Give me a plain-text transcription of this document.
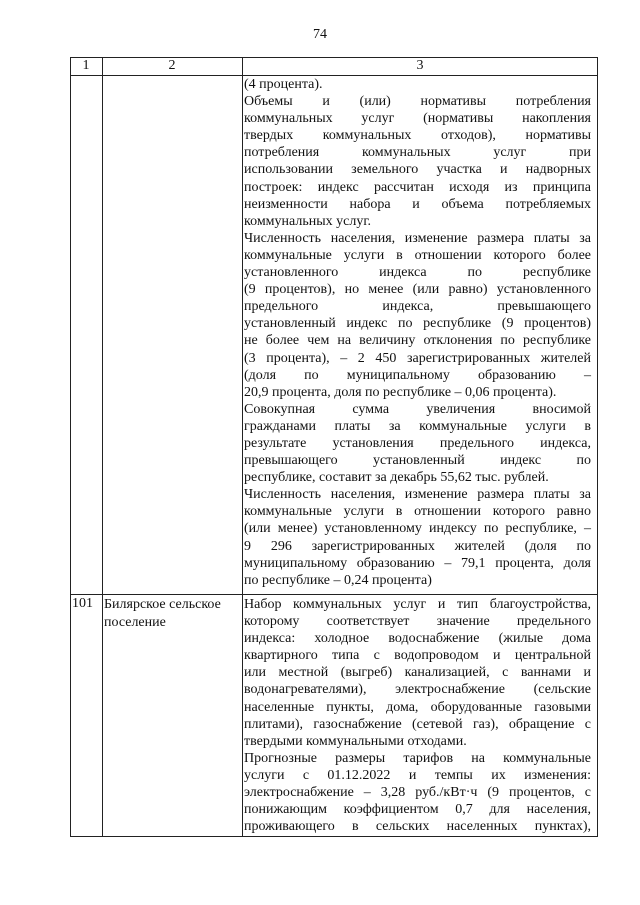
74
1	2	3
(4 процента).
Объемы и (или) нормативы потребления
коммунальных услуг (нормативы накопления
твердых коммунальных отходов), нормативы
потребления коммунальных услуг при
использовании земельного участка и надворных
построек: индекс рассчитан исходя из принципа
неизменности набора и объема потребляемых
коммунальных услуг.
Численность населения, изменение размера платы за
коммунальные услуги в отношении которого более
установленного индекса по республике
(9 процентов), но менее (или равно) установленного
предельного индекса, превышающего
установленный индекс по республике (9 процентов)
не более чем на величину отклонения по республике
(3 процента), – 2 450 зарегистрированных жителей
(доля по муниципальному образованию –
20,9 процента, доля по республике – 0,06 процента).
Совокупная сумма увеличения вносимой
гражданами платы за коммунальные услуги в
результате установления предельного индекса,
превышающего установленный индекс по
республике, составит за декабрь 55,62 тыс. рублей.
Численность населения, изменение размера платы за
коммунальные услуги в отношении которого равно
(или менее) установленному индексу по республике, –
9 296 зарегистрированных жителей (доля по
муниципальному образованию – 79,1 процента, доля
по республике – 0,24 процента)
101 Билярское сельское
поселение
Набор коммунальных услуг и тип благоустройства,
которому соответствует значение предельного
индекса: холодное водоснабжение (жилые дома
квартирного типа с водопроводом и центральной
или местной (выгреб) канализацией, с ваннами и
водонагревателями), электроснабжение (сельские
населенные пункты, дома, оборудованные газовыми
плитами), газоснабжение (сетевой газ), обращение с
твердыми коммунальными отходами.
Прогнозные размеры тарифов на коммунальные
услуги с 01.12.2022 и темпы их изменения:
электроснабжение – 3,28 руб./кВт·ч (9 процентов, с
понижающим коэффициентом 0,7 для населения,
проживающего в сельских населенных пунктах),
